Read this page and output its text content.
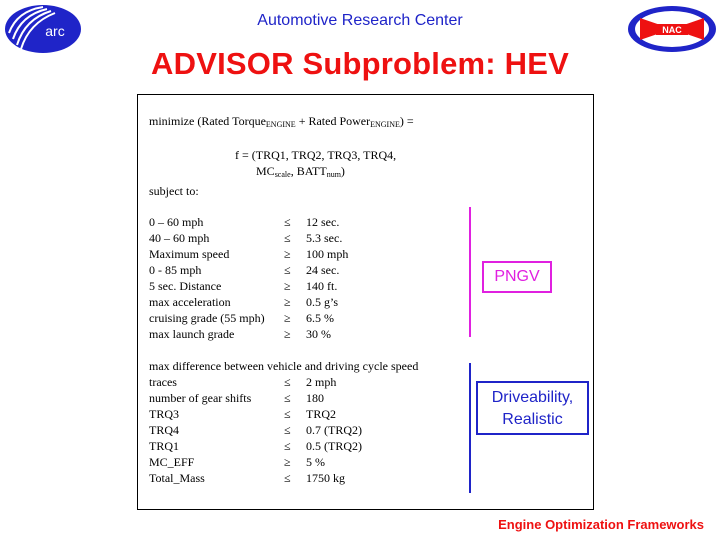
arc	NAC
Automotive Research Center
ADVISOR Subproblem: HEV
minimize (Rated Torque$_{ENGINE}$ + Rated Power$_{ENGINE}$) =
f = (TRQ1, TRQ2, TRQ3, TRQ4,
$MC_{scale}$, $BATT_{num}$)
subject to:
0 – 60 mph	≤ 12 sec.
40 – 60 mph	≤ 5.3 sec.
Maximum speed	≥ 100 mph
0 - 85 mph	≤ 24 sec.
5 sec. Distance	≥ 140 ft.
max acceleration	≥ 0.5 g’s
cruising grade (55 mph) ≥ 6.5 %
max launch grade	≥ 30 %
max difference between vehicle and driving cycle speed
traces	≤ 2 mph
number of gear shifts	≤ 180
TRQ3	≤ TRQ2
TRQ4	≤ 0.7 (TRQ2)
TRQ1	≤ 0.5 (TRQ2)
MC_EFF	≥ 5 %
Total_Mass	≤ 1750 kg
PNGV
Driveability,
Realistic
Engine Optimization Frameworks
